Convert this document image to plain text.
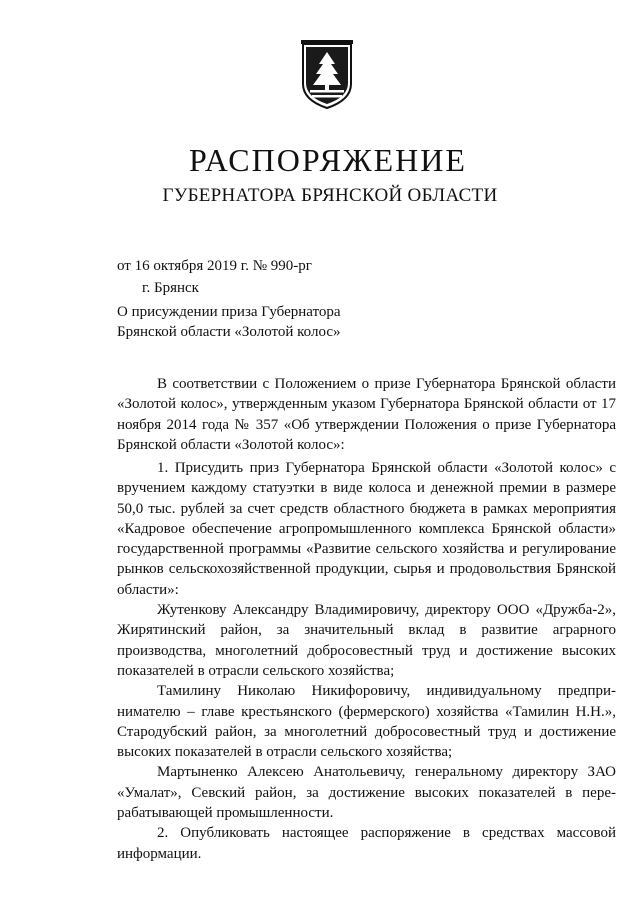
РАСПОРЯЖЕНИЕ
ГУБЕРНАТОРА БРЯНСКОЙ ОБЛАСТИ
от 16 октября 2019 г. № 990-рг
г. Брянск
О присуждении приза Губернатора
Брянской области «Золотой колос»

В соответствии с Положением о призе Губернатора Брянской области «Золотой колос», утвержденным указом Губернатора Брянской области от 17 ноября 2014 года № 357 «Об утверждении Положения о призе Губернатора Брянской области «Золотой колос»:

1. Присудить приз Губернатора Брянской области «Золотой колос» с вручением каждому статуэтки в виде колоса и денежной премии в размере 50,0 тыс. рублей за счет средств областного бюджета в рамках мероприятия «Кадровое обеспечение агропромышленного комплекса Брянской области» государственной программы «Развитие сельского хозяйства и регулирование рынков сельскохозяйственной продукции, сырья и продовольствия Брянской области»:

Жутенкову Александру Владимировичу, директору ООО «Дружба-2», Жирятинский район, за значительный вклад в развитие аграрного производства, многолетний добросовестный труд и достижение высоких показателей в отрасли сельского хозяйства;

Тамилину Николаю Никифоровичу, индивидуальному предпринимателю – главе крестьянского (фермерского) хозяйства «Тамилин Н.Н.», Стародубский район, за многолетний добросовестный труд и достижение высоких показателей в отрасли сельского хозяйства;

Мартыненко Алексею Анатольевичу, генеральному директору ЗАО «Умалат», Севский район, за достижение высоких показателей в перерабатывающей промышленности.

2. Опубликовать настоящее распоряжение в средствах массовой информации.
